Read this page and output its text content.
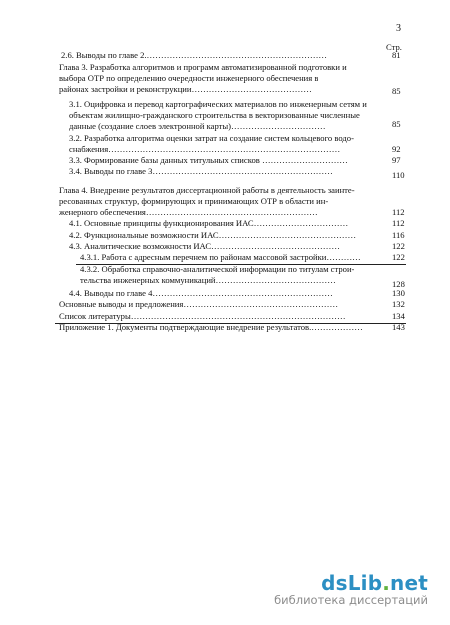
3
Стр.
2.6. Выводы по главе 2.………………………………………………………	81
Глава 3. Разработка алгоритмов и программ автоматизированной подготовки и
выбора ОТР по определению очередности инженерного обеспечения в
районах застройки и реконструкции……………………………………	85
3.1. Оцифровка и перевод картографических материалов по инженерным сетям и
объектам жилищно-гражданского строительства в векторизованные численные
данные (создание слоев электронной карты)……………………………	85
3.2. Разработка алгоритма оценки затрат на создание систем кольцевого водо-
снабжения………………………………………………………………………	92
3.3. Формирование базы данных титульных списков …………………………	97
3.4. Выводы по главе 3………………………………………………………	110
Глава 4. Внедрение результатов диссертационной работы в деятельность заинте-
ресованных структур, формирующих и принимающих ОТР в области ин-
женерного обеспечения……………………………………………………	112
4.1. Основные принципы функционирования ИАС……………………………	112
4.2. Функциональные возможности ИАС…………………………………………	116
4.3. Аналитические возможности ИАС………………………………………	122
4.3.1. Работа с адресным перечнем по районам массовой застройки…………	122
4.3.2. Обработка справочно-аналитической информации по титулам строи-
тельства инженерных коммуникаций……………………………………	128
4.4. Выводы по главе 4………………………………………………………	130
Основные выводы и предложения………………………………………………	132
Список литературы…………………………………………………………………	134
Приложение 1. Документы подтверждающие внедрение результатов.………………	143
dsLib.net
библиотека диссертаций
